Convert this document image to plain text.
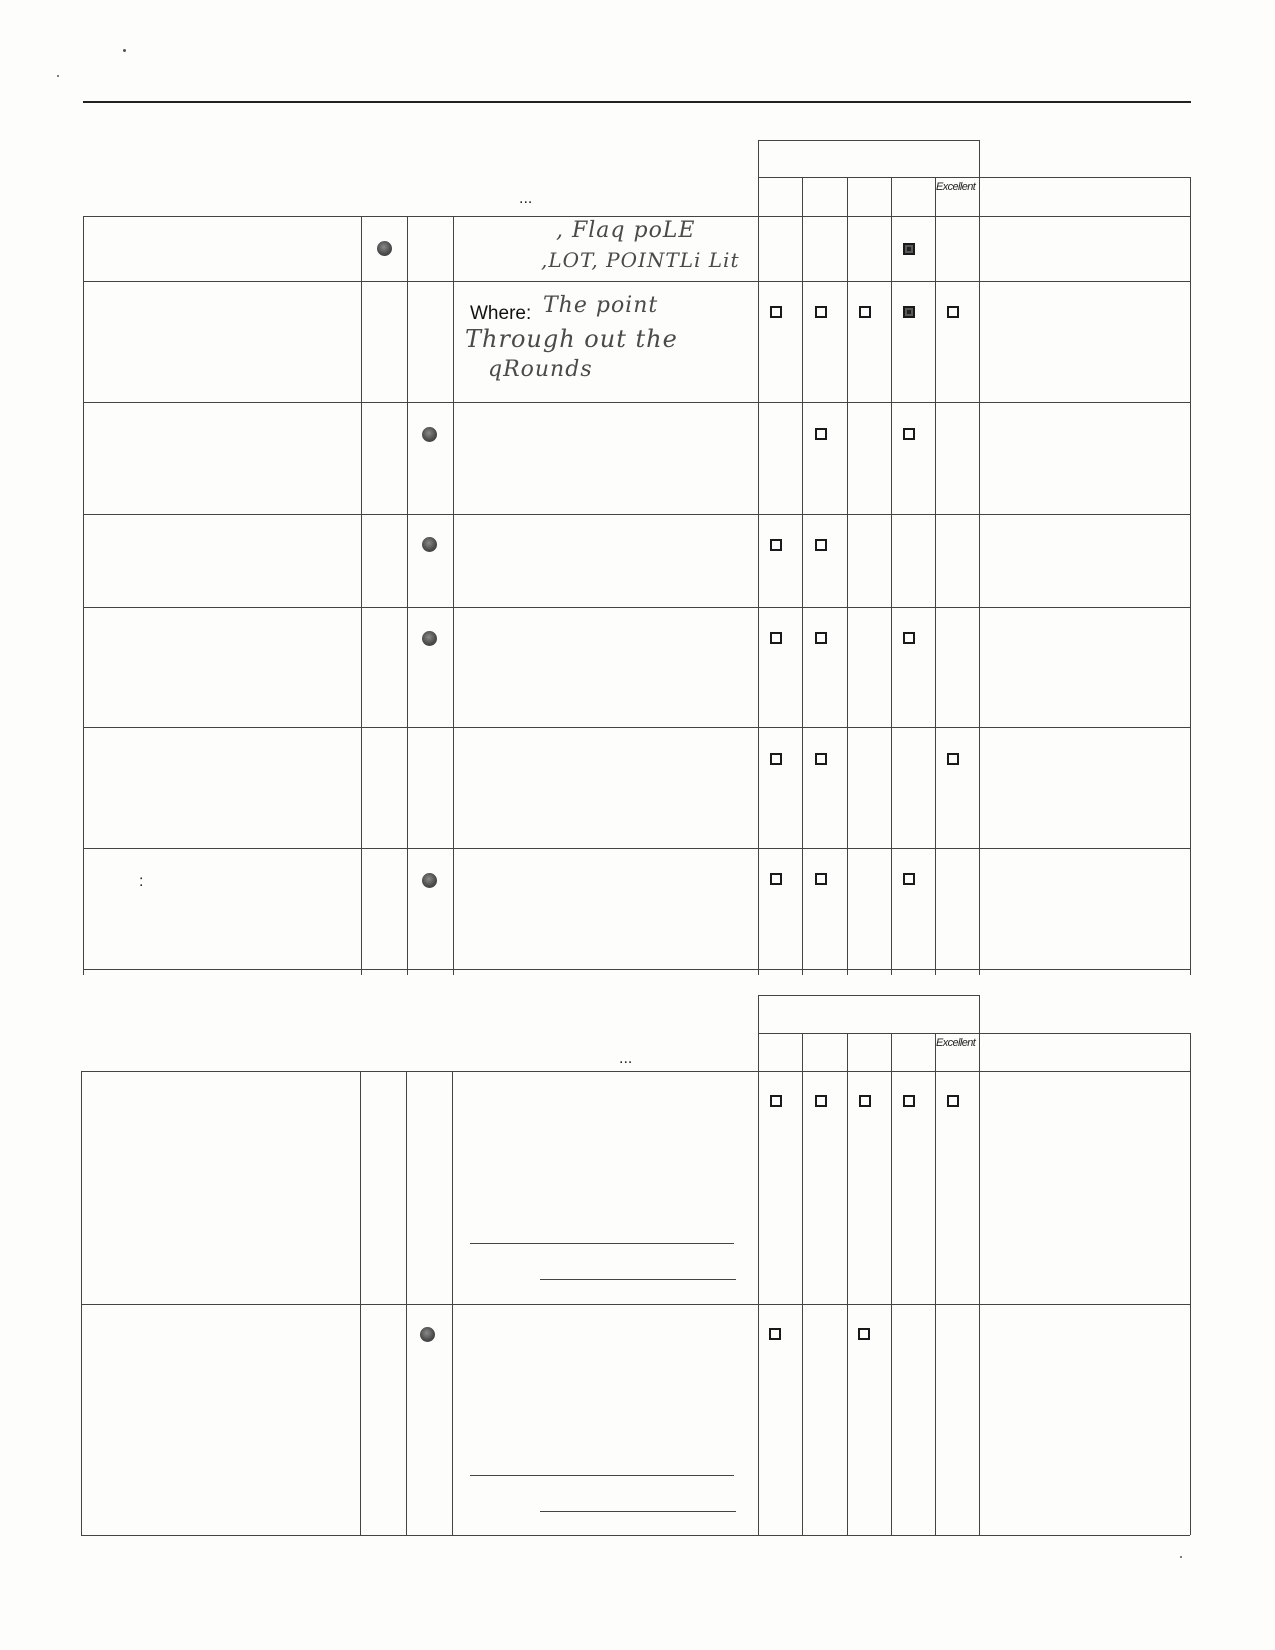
Excellent
...
, Flaq poLE
,LOT, POINTLi Lit
Where: The point
Through out the
qRounds
:
Excellent
...
